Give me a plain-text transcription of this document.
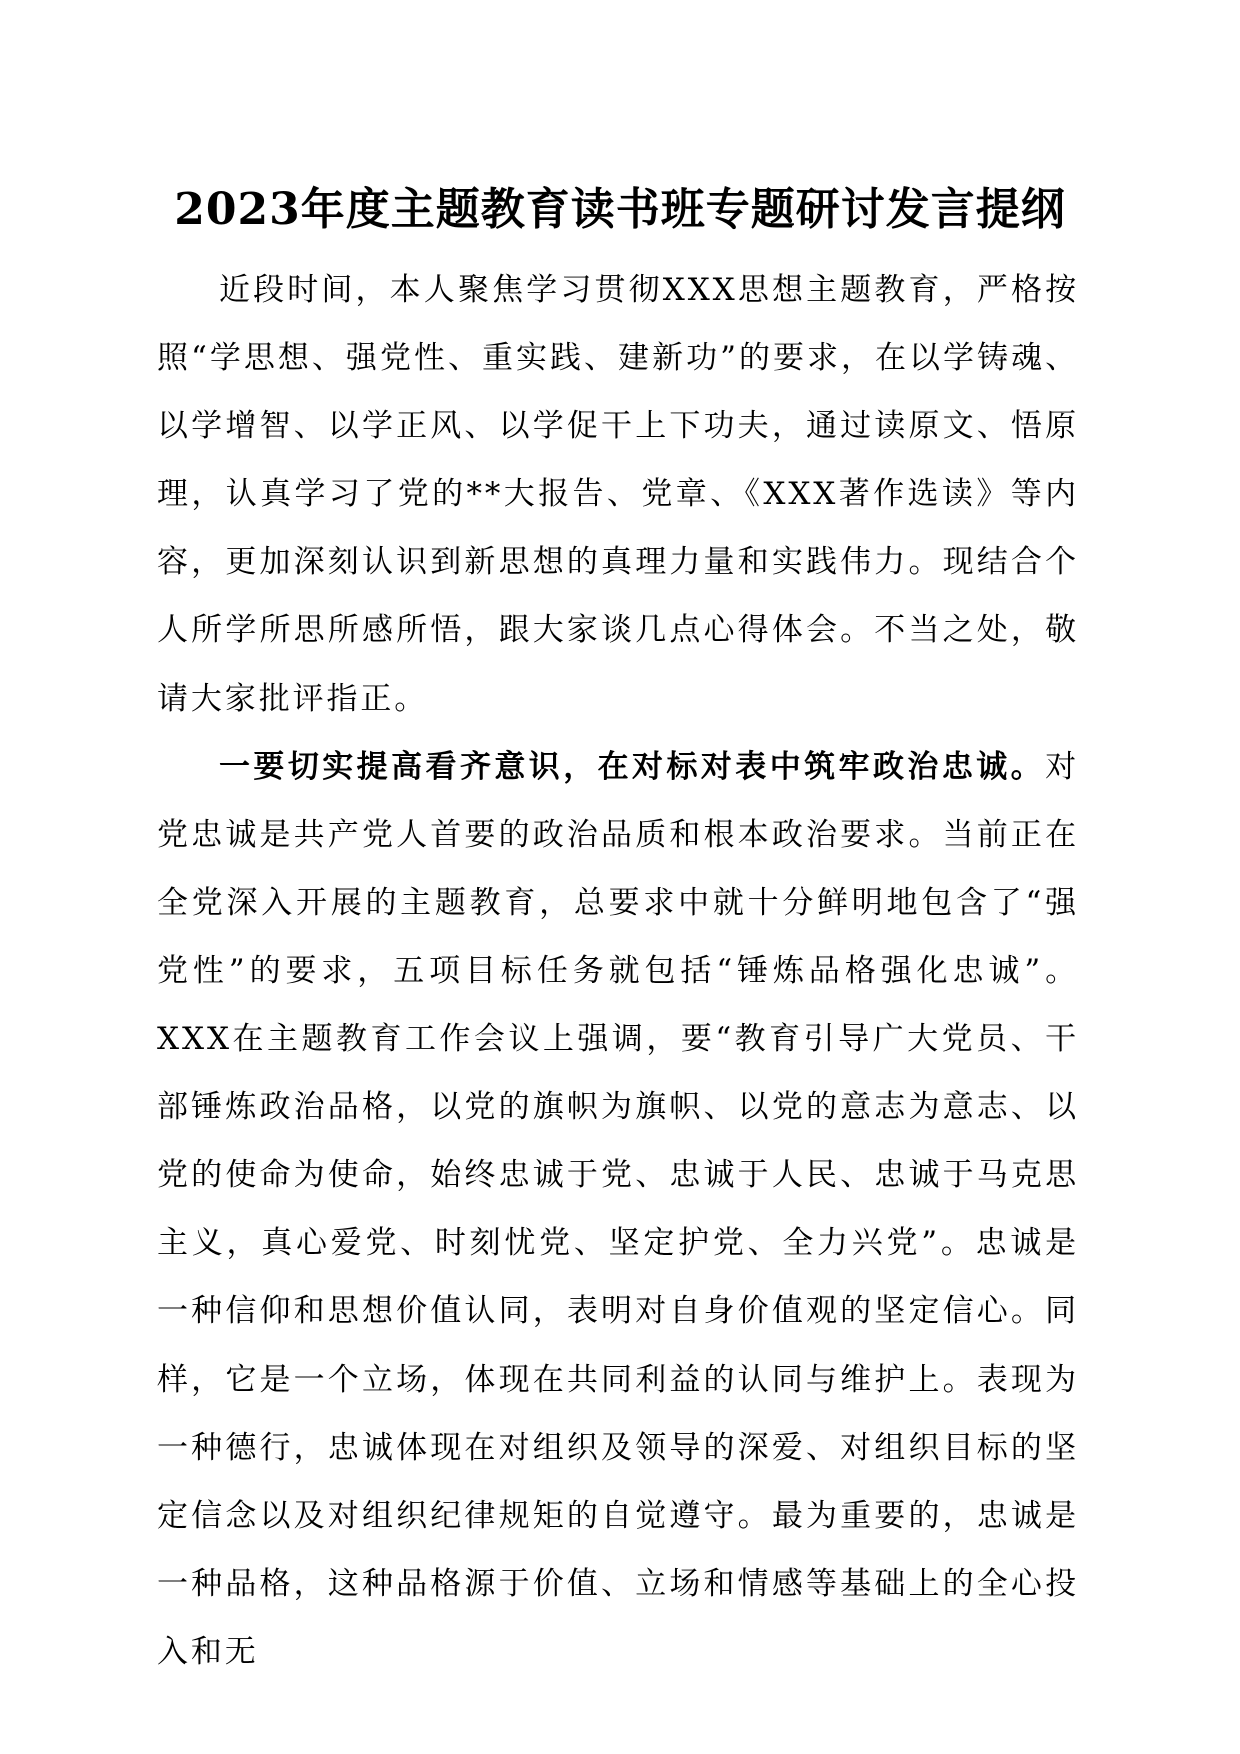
2023年度主题教育读书班专题研讨发言提纲

近段时间，本人聚焦学习贯彻XXX思想主题教育，严格按照“学思想、强党性、重实践、建新功”的要求，在以学铸魂、以学增智、以学正风、以学促干上下功夫，通过读原文、悟原理，认真学习了党的**大报告、党章、《XXX著作选读》等内容，更加深刻认识到新思想的真理力量和实践伟力。现结合个人所学所思所感所悟，跟大家谈几点心得体会。不当之处，敬请大家批评指正。

一要切实提高看齐意识，在对标对表中筑牢政治忠诚。对党忠诚是共产党人首要的政治品质和根本政治要求。当前正在全党深入开展的主题教育，总要求中就十分鲜明地包含了“强党性”的要求，五项目标任务就包括“锤炼品格强化忠诚”。XXX在主题教育工作会议上强调，要“教育引导广大党员、干部锤炼政治品格，以党的旗帜为旗帜、以党的意志为意志、以党的使命为使命，始终忠诚于党、忠诚于人民、忠诚于马克思主义，真心爱党、时刻忧党、坚定护党、全力兴党”。忠诚是一种信仰和思想价值认同，表明对自身价值观的坚定信心。同样，它是一个立场，体现在共同利益的认同与维护上。表现为一种德行，忠诚体现在对组织及领导的深爱、对组织目标的坚定信念以及对组织纪律规矩的自觉遵守。最为重要的，忠诚是一种品格，这种品格源于价值、立场和情感等基础上的全心投入和无
